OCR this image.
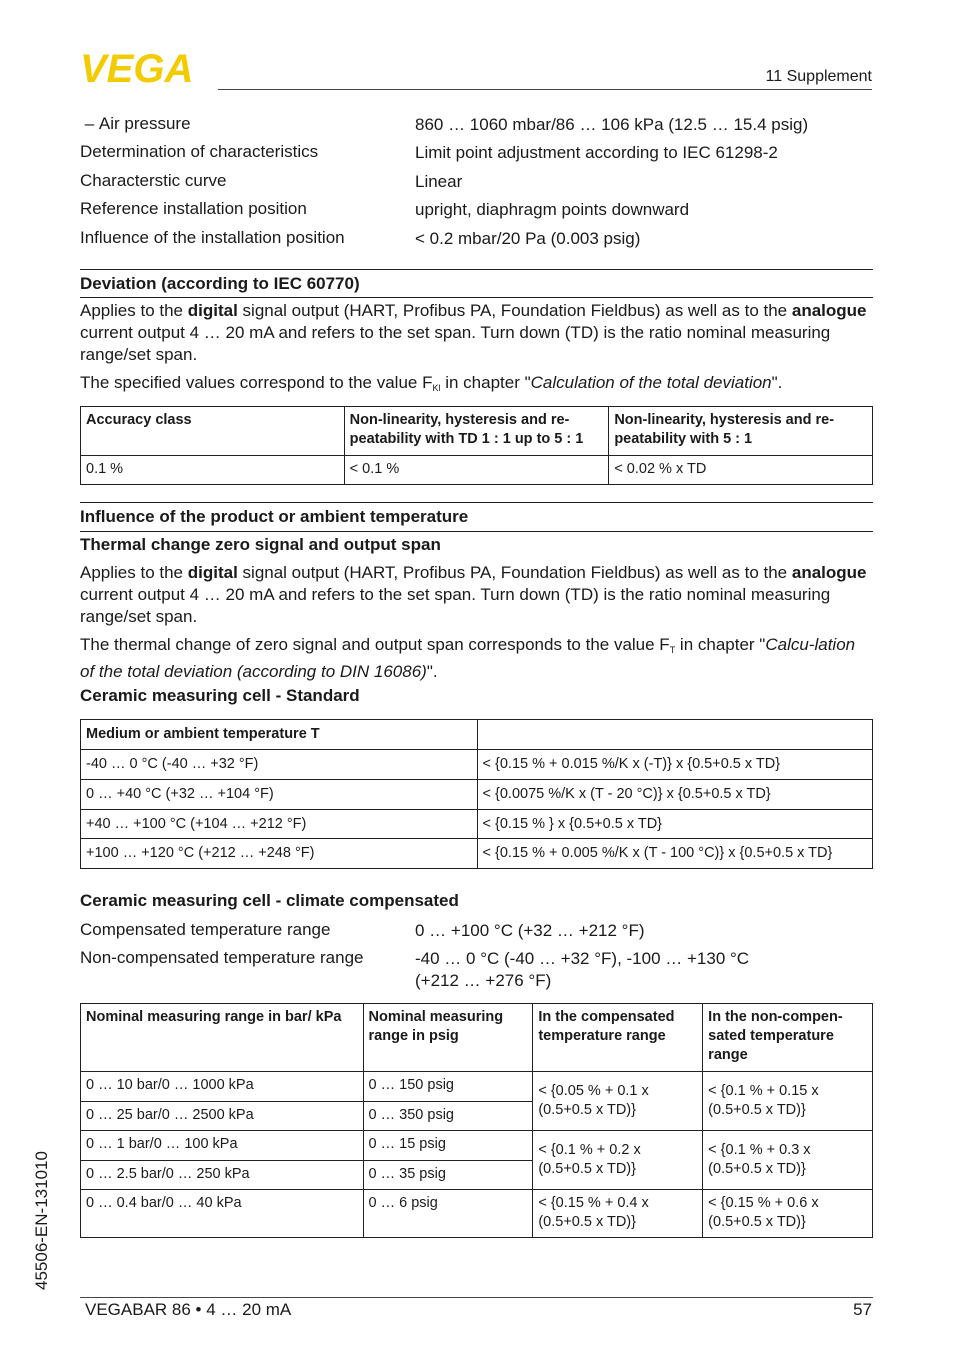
VEGA	11 Supplement
– Air pressure	860 … 1060 mbar/86 … 106 kPa (12.5 … 15.4 psig)
Determination of characteristics	Limit point adjustment according to IEC 61298-2
Characterstic curve	Linear
Reference installation position	upright, diaphragm points downward
Influence of the installation position	< 0.2 mbar/20 Pa (0.003 psig)
Deviation (according to IEC 60770)
Applies to the digital signal output (HART, Profibus PA, Foundation Fieldbus) as well as to the analogue current output 4 … 20 mA and refers to the set span. Turn down (TD) is the ratio nominal measuring range/set span.
The specified values correspond to the value $F_{Kl}$ in chapter "Calculation of the total deviation".
Accuracy class	Non-linearity, hysteresis and re-peatability with TD 1 : 1 up to 5 : 1	Non-linearity, hysteresis and re-peatability with 5 : 1
0.1 %	< 0.1 %	< 0.02 % x TD
Influence of the product or ambient temperature
Thermal change zero signal and output span
Applies to the digital signal output (HART, Profibus PA, Foundation Fieldbus) as well as to the analogue current output 4 … 20 mA and refers to the set span. Turn down (TD) is the ratio nominal measuring range/set span.
The thermal change of zero signal and output span corresponds to the value $F_T$ in chapter "Calcu-lation of the total deviation (according to DIN 16086)".
Ceramic measuring cell - Standard
Medium or ambient temperature T	
-40 … 0 °C (-40 … +32 °F)	< {0.15 % + 0.015 %/K x (-T)} x {0.5+0.5 x TD}
0 … +40 °C (+32 … +104 °F)	< {0.0075 %/K x (T - 20 °C)} x {0.5+0.5 x TD}
+40 … +100 °C (+104 … +212 °F)	< {0.15 % } x {0.5+0.5 x TD}
+100 … +120 °C (+212 … +248 °F)	< {0.15 % + 0.005 %/K x (T - 100 °C)} x {0.5+0.5 x TD}
Ceramic measuring cell - climate compensated
Compensated temperature range	0 … +100 °C (+32 … +212 °F)
Non-compensated temperature range	-40 … 0 °C (-40 … +32 °F), -100 … +130 °C
(+212 … +276 °F)
Nominal measuring range in bar/ kPa	Nominal measuring range in psig	In the compensated temperature range	In the non-compen-sated temperature range
0 … 10 bar/0 … 1000 kPa	0 … 150 psig	< {0.05 % + 0.1 x (0.5+0.5 x TD)}	< {0.1 % + 0.15 x (0.5+0.5 x TD)}
0 … 25 bar/0 … 2500 kPa	0 … 350 psig		
0 … 1 bar/0 … 100 kPa	0 … 15 psig	< {0.1 % + 0.2 x (0.5+0.5 x TD)}	< {0.1 % + 0.3 x (0.5+0.5 x TD)}
0 … 2.5 bar/0 … 250 kPa	0 … 35 psig		
0 … 0.4 bar/0 … 40 kPa	0 … 6 psig	< {0.15 % + 0.4 x (0.5+0.5 x TD)}	< {0.15 % + 0.6 x (0.5+0.5 x TD)}
45506-EN-131010
VEGABAR 86 • 4 … 20 mA	57
